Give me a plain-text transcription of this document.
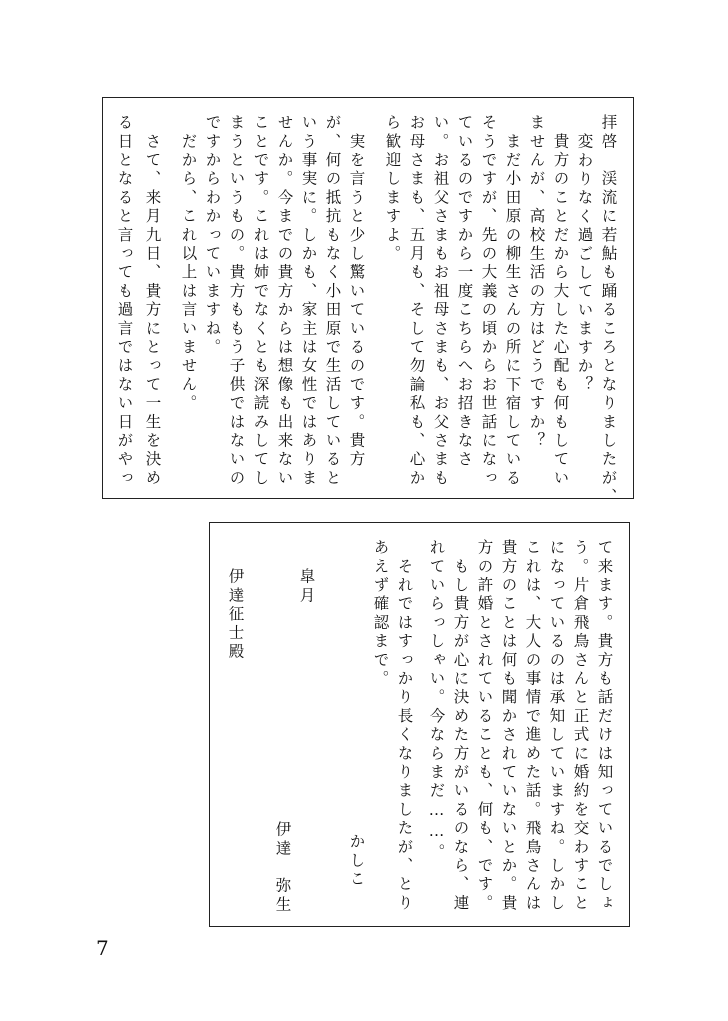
拝啓　渓流に若鮎も踊るころとなりましたが、
変わりなく過ごしていますか？
　貴方のことだから大した心配も何もしてい
ませんが、高校生活の方はどうですか？
　まだ小田原の柳生さんの所に下宿している
そうですが、先の大義の頃からお世話になっ
ているのですから一度こちらへお招きなさ
い。お祖父さまもお祖母さまも、お父さまも
お母さまも、五月も、そして勿論私も、心か
ら歓迎しますよ。
　実を言うと少し驚いているのです。貴方
が、何の抵抗もなく小田原で生活していると
いう事実に。しかも、家主は女性ではありま
せんか。今までの貴方からは想像も出来ない
ことです。これは姉でなくとも深読みしてし
まうというもの。貴方ももう子供ではないの
ですからわかっていますね。
　だから、これ以上は言いません。
　さて、来月九日、貴方にとって一生を決め
る日となると言っても過言ではない日がやっ
て来ます。貴方も話だけは知っているでしょ
う。片倉飛鳥さんと正式に婚約を交わすこと
になっているのは承知していますね。しかし
これは、大人の事情で進めた話。飛鳥さんは
貴方のことは何も聞かされていないとか。貴
方の許婚とされていることも、何も、です。
　もし貴方が心に決めた方がいるのなら、連
れていらっしゃい。今ならまだ……。
　それではすっかり長くなりましたが、とり
あえず確認まで。
かしこ
皐月
伊達　弥生
伊達征士殿
7
